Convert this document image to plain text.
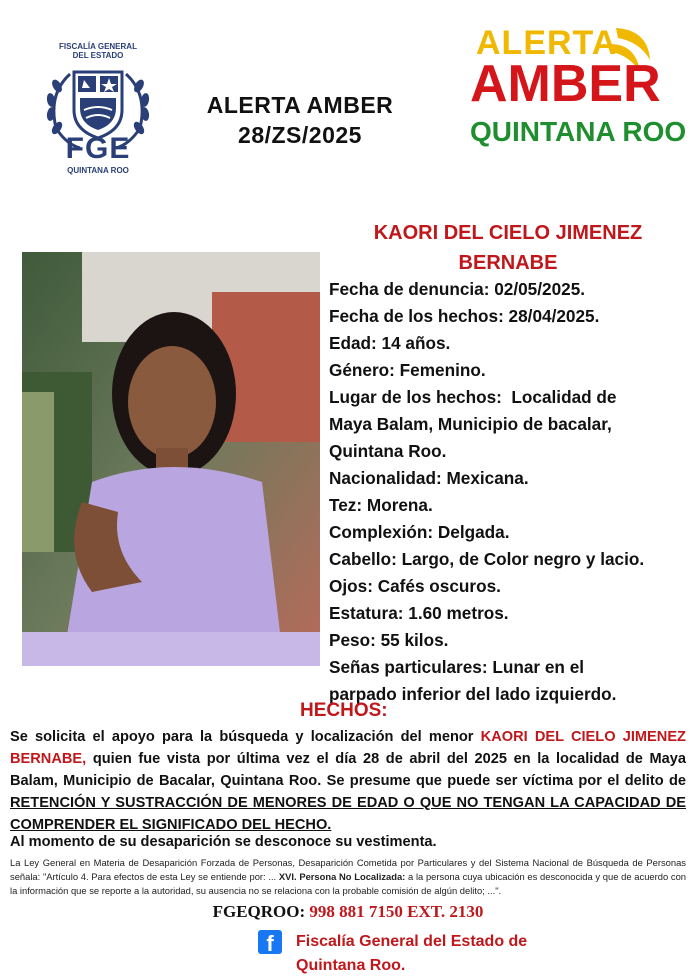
FISCALÍA GENERAL
DEL ESTADO
FGE
QUINTANA ROO
ALERTA AMBER
28/ZS/2025
ALERTA
AMBER
QUINTANA ROO
KAORI DEL CIELO JIMENEZ
BERNABE
Fecha de denuncia: 02/05/2025.
Fecha de los hechos: 28/04/2025.
Edad: 14 años.
Género: Femenino.
Lugar de los hechos:  Localidad de
Maya Balam, Municipio de bacalar,
Quintana Roo.
Nacionalidad: Mexicana.
Tez: Morena.
Complexión: Delgada.
Cabello: Largo, de Color negro y lacio.
Ojos: Cafés oscuros.
Estatura: 1.60 metros.
Peso: 55 kilos.
Señas particulares: Lunar en el
parpado inferior del lado izquierdo.
HECHOS:
Se solicita el apoyo para la búsqueda y localización del menor KAORI DEL CIELO JIMENEZ BERNABE, quien fue vista por última vez el día 28 de abril del 2025 en la localidad de Maya Balam, Municipio de Bacalar, Quintana Roo. Se presume que puede ser víctima por el delito de RETENCIÓN Y SUSTRACCIÓN DE MENORES DE EDAD O QUE NO TENGAN LA CAPACIDAD DE COMPRENDER EL SIGNIFICADO DEL HECHO.
Al momento de su desaparición se desconoce su vestimenta.
La Ley General en Materia de Desaparición Forzada de Personas, Desaparición Cometida por Particulares y del Sistema Nacional de Búsqueda de Personas señala: "Artículo 4. Para efectos de esta Ley se entiende por: ... XVI. Persona No Localizada: a la persona cuya ubicación es desconocida y que de acuerdo con la información que se reporte a la autoridad, su ausencia no se relaciona con la probable comisión de algún delito; ...".
FGEQROO: 998 881 7150 EXT. 2130
f	Fiscalía General del Estado de
Quintana Roo.
